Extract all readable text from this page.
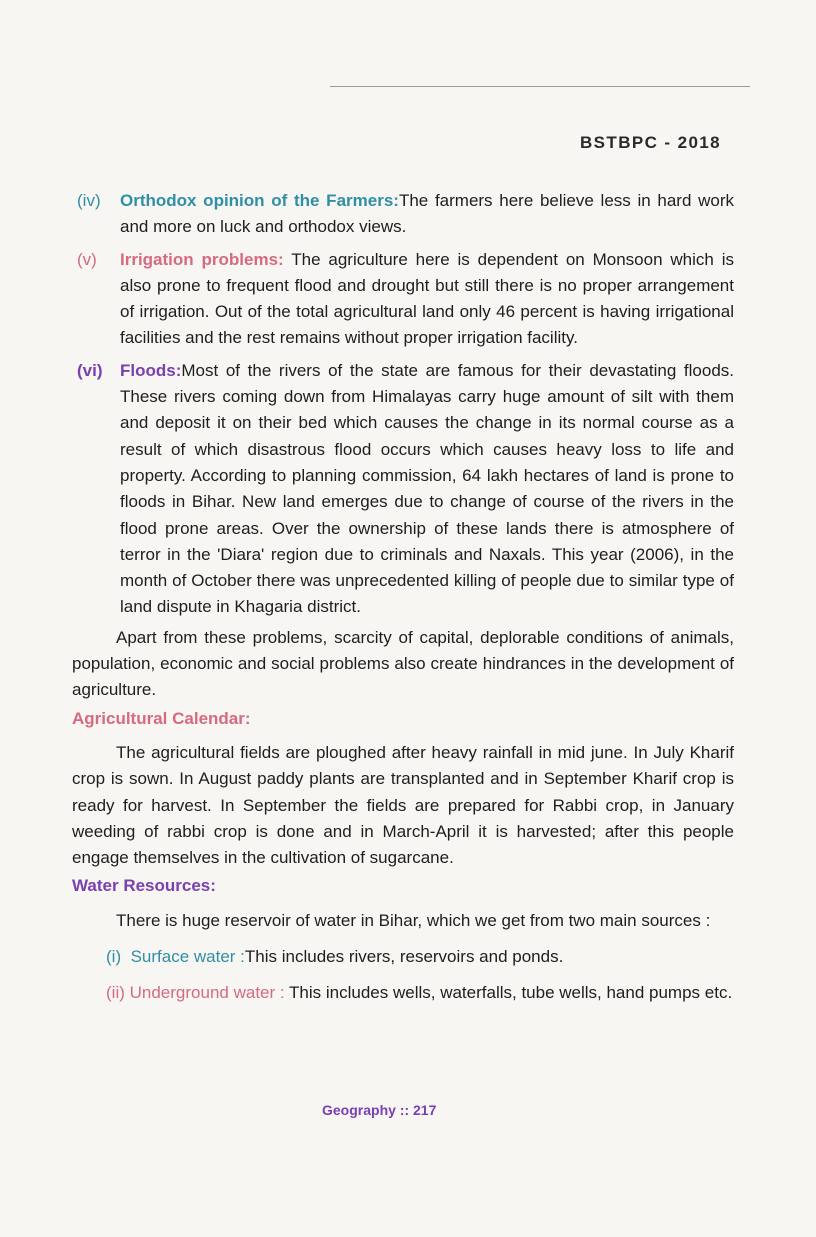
BSTBPC - 2018
(iv) Orthodox opinion of the Farmers:The farmers here believe less in hard work and more on luck and orthodox views.

(v) Irrigation problems: The agriculture here is dependent on Monsoon which is also prone to frequent flood and drought but still there is no proper arrangement of irrigation. Out of the total agricultural land only 46 percent is having irrigational facilities and the rest remains without proper irrigation facility.

(vi) Floods:Most of the rivers of the state are famous for their devastating floods. These rivers coming down from Himalayas carry huge amount of silt with them and deposit it on their bed which causes the change in its normal course as a result of which disastrous flood occurs which causes heavy loss to life and property. According to planning commission, 64 lakh hectares of land is prone to floods in Bihar. New land emerges due to change of course of the rivers in the flood prone areas. Over the ownership of these lands there is atmosphere of terror in the 'Diara' region due to criminals and Naxals. This year (2006), in the month of October there was unprecedented killing of people due to similar type of land dispute in Khagaria district.

Apart from these problems, scarcity of capital, deplorable conditions of animals, population, economic and social problems also create hindrances in the development of agriculture.

Agricultural Calendar:

The agricultural fields are ploughed after heavy rainfall in mid june. In July Kharif crop is sown. In August paddy plants are transplanted and in September Kharif crop is ready for harvest. In September the fields are prepared for Rabbi crop, in January weeding of rabbi crop is done and in March-April it is harvested; after this people engage themselves in the cultivation of sugarcane.

Water Resources:

There is huge reservoir of water in Bihar, which we get from two main sources :

(i) Surface water :This includes rivers, reservoirs and ponds.

(ii) Underground water : This includes wells, waterfalls, tube wells, hand pumps etc.

Geography :: 217
